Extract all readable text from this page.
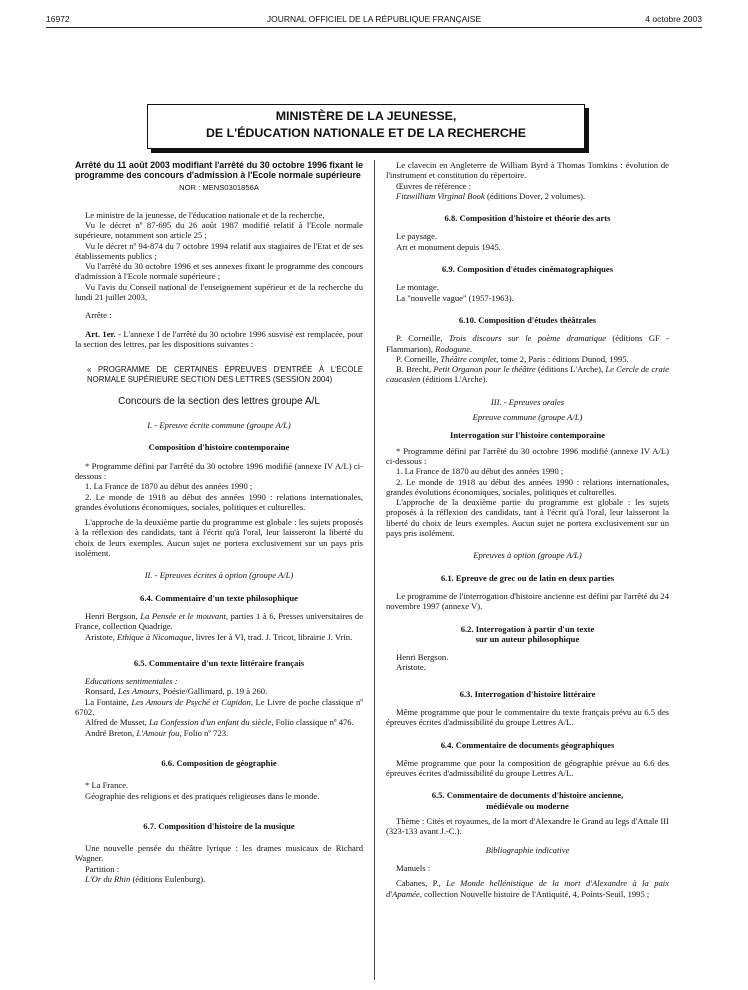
16972	JOURNAL OFFICIEL DE LA RÉPUBLIQUE FRANÇAISE	4 octobre 2003
MINISTÈRE DE LA JEUNESSE,
DE L'ÉDUCATION NATIONALE ET DE LA RECHERCHE

Arrêté du 11 août 2003 modifiant l'arrêté du 30 octobre 1996 fixant le programme des concours d'admission à l'Ecole normale supérieure

NOR : MENS0301856A

Le ministre de la jeunesse, de l'éducation nationale et de la recherche,

Vu le décret nº 87-695 du 26 août 1987 modifié relatif à l'Ecole normale supérieure, notamment son article 25 ;

Vu le décret nº 94-874 du 7 octobre 1994 relatif aux stagiaires de l'Etat et de ses établissements publics ;

Vu l'arrêté du 30 octobre 1996 et ses annexes fixant le programme des concours d'admission à l'Ecole normale supérieure ;

Vu l'avis du Conseil national de l'enseignement supérieur et de la recherche du lundi 21 juillet 2003,

Arrête :

Art. 1er. - L'annexe I de l'arrêté du 30 octobre 1996 susvisé est remplacée, pour la section des lettres, par les dispositions suivantes :

« PROGRAMME DE CERTAINES ÉPREUVES D'ENTRÉE À L'ÉCOLE NORMALE SUPÉRIEURE SECTION DES LETTRES (SESSION 2004)

Concours de la section des lettres groupe A/L

I. - Epreuve écrite commune (groupe A/L)

Composition d'histoire contemporaine

* Programme défini par l'arrêté du 30 octobre 1996 modifié (annexe IV A/L) ci-dessous :

1. La France de 1870 au début des années 1990 ;

2. Le monde de 1918 au début des années 1990 : relations internationales, grandes évolutions économiques, sociales, politiques et culturelles.

L'approche de la deuxième partie du programme est globale : les sujets proposés à la réflexion des candidats, tant à l'écrit qu'à l'oral, leur laisseront la liberté du choix de leurs exemples. Aucun sujet ne portera exclusivement sur un pays pris isolément.

II. - Epreuves écrites à option (groupe A/L)

6.4. Commentaire d'un texte philosophique

Henri Bergson, La Pensée et le mouvant, parties 1 à 6, Presses universitaires de France, collection Quadrige.

Aristote, Ethique à Nicomaque, livres Ier à VI, trad. J. Tricot, librairie J. Vrin.

6.5. Commentaire d'un texte littéraire français

Educations sentimentales :

Ronsard, Les Amours, Poésie/Gallimard, p. 19 à 260.

La Fontaine, Les Amours de Psyché et Cupidon, Le Livre de poche classique nº 6702.

Alfred de Musset, La Confession d'un enfant du siècle, Folio classique nº 476.

André Breton, L'Amour fou, Folio nº 723.

6.6. Composition de géographie

* La France.

Géographie des religions et des pratiques religieuses dans le monde.

6.7. Composition d'histoire de la musique

Une nouvelle pensée du théâtre lyrique : les drames musicaux de Richard Wagner.

Partition :

L'Or du Rhin (éditions Eulenburg).

Le clavecin en Angleterre de William Byrd à Thomas Tomkins : évolution de l'instrument et constitution du répertoire.

Œuvres de référence :

Fitzwilliam Virginal Book (éditions Dover, 2 volumes).

6.8. Composition d'histoire et théorie des arts

Le paysage.

Art et monument depuis 1945.

6.9. Composition d'études cinématographiques

Le montage.

La "nouvelle vague" (1957-1963).

6.10. Composition d'études théâtrales

P. Corneille, Trois discours sur le poème dramatique (éditions GF - Flammarion), Rodogune.

P. Corneille, Théâtre complet, tome 2, Paris : éditions Dunod, 1995.

B. Brecht, Petit Organon pour le théâtre (éditions L'Arche), Le Cercle de craie caucasien (éditions L'Arche).

III. - Epreuves orales

Epreuve commune (groupe A/L)

Interrogation sur l'histoire contemporaine

* Programme défini par l'arrêté du 30 octobre 1996 modifié (annexe IV A/L) ci-dessous :

1. La France de 1870 au début des années 1990 ;

2. Le monde de 1918 au début des années 1990 : relations internationales, grandes évolutions économiques, sociales, politiques et culturelles.

L'approche de la deuxième partie du programme est globale : les sujets proposés à la réflexion des candidats, tant à l'écrit qu'à l'oral, leur laisseront la liberté du choix de leurs exemples. Aucun sujet ne portera exclusivement sur un pays pris isolément.

Epreuves à option (groupe A/L)

6.1. Epreuve de grec ou de latin en deux parties

Le programme de l'interrogation d'histoire ancienne est défini par l'arrêté du 24 novembre 1997 (annexe V).

6.2. Interrogation à partir d'un texte

sur un auteur philosophique

Henri Bergson.

Aristote.

6.3. Interrogation d'histoire littéraire

Même programme que pour le commentaire du texte français prévu au 6.5 des épreuves écrites d'admissibilité du groupe Lettres A/L.

6.4. Commentaire de documents géographiques

Même programme que pour la composition de géographie prévue au 6.6 des épreuves écrites d'admissibilité du groupe Lettres A/L.

6.5. Commentaire de documents d'histoire ancienne,

médiévale ou moderne

Thème : Cités et royaumes, de la mort d'Alexandre le Grand au legs d'Attale III (323-133 avant J.-C.).

Bibliographie indicative

Manuels :

Cabanes, P., Le Monde hellénistique de la mort d'Alexandre à la paix d'Apamée, collection Nouvelle histoire de l'Antiquité, 4, Points-Seuil, 1995 ;
